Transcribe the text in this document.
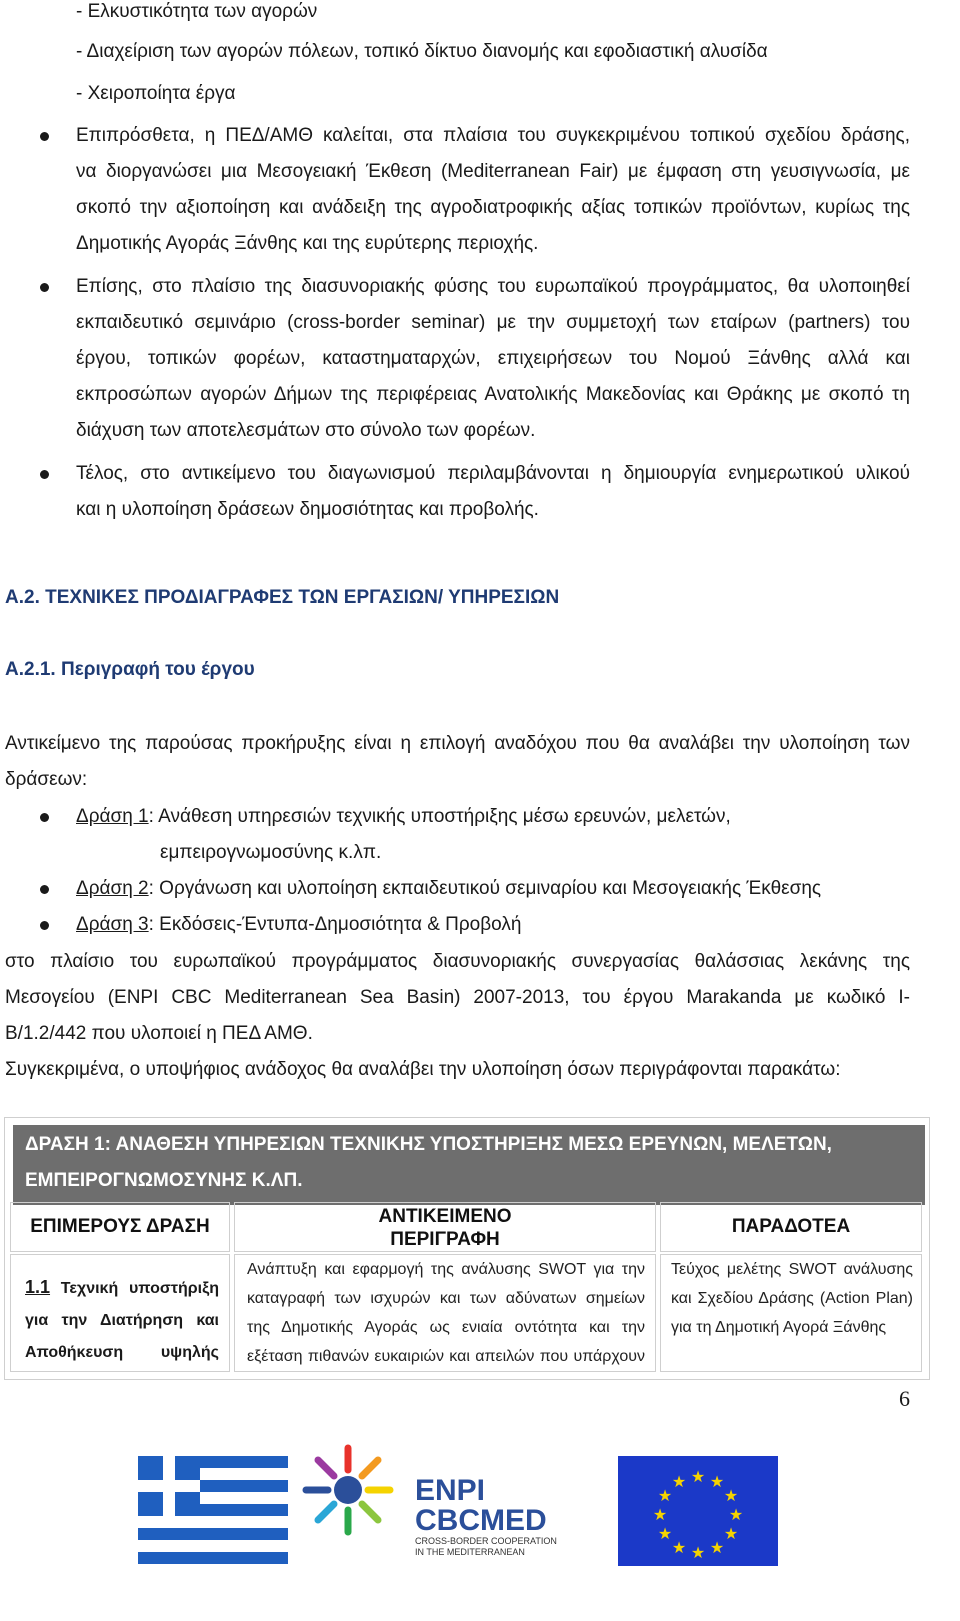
- Ελκυστικότητα των αγορών
- Διαχείριση των αγορών πόλεων, τοπικό δίκτυο διανομής και εφοδιαστική αλυσίδα
- Χειροποίητα έργα
Επιπρόσθετα, η ΠΕΔ/ΑΜΘ καλείται, στα πλαίσια του συγκεκριμένου τοπικού σχεδίου δράσης,
να διοργανώσει μια Μεσογειακή Έκθεση (Mediterranean Fair) με έμφαση στη γευσιγνωσία, με
σκοπό την αξιοποίηση και ανάδειξη της αγροδιατροφικής αξίας τοπικών προϊόντων, κυρίως της
Δημοτικής Αγοράς Ξάνθης και της ευρύτερης περιοχής.
Επίσης, στο πλαίσιο της διασυνοριακής φύσης του ευρωπαϊκού προγράμματος, θα υλοποιηθεί
εκπαιδευτικό σεμινάριο (cross-border seminar) με την συμμετοχή των εταίρων (partners) του
έργου, τοπικών φορέων, καταστηματαρχών, επιχειρήσεων του Νομού Ξάνθης αλλά και
εκπροσώπων αγορών Δήμων της περιφέρειας Ανατολικής Μακεδονίας και Θράκης με σκοπό τη
διάχυση των αποτελεσμάτων στο σύνολο των φορέων.
Τέλος, στο αντικείμενο του διαγωνισμού περιλαμβάνονται η δημιουργία ενημερωτικού υλικού
και η υλοποίηση δράσεων δημοσιότητας και προβολής.
Α.2. ΤΕΧΝΙΚΕΣ ΠΡΟΔΙΑΓΡΑΦΕΣ ΤΩΝ ΕΡΓΑΣΙΩΝ/ ΥΠΗΡΕΣΙΩΝ
Α.2.1. Περιγραφή του έργου
Αντικείμενο της παρούσας προκήρυξης είναι η επιλογή αναδόχου που θα αναλάβει την υλοποίηση των
δράσεων:
Δράση 1: Ανάθεση υπηρεσιών τεχνικής υποστήριξης μέσω ερευνών, μελετών,
εμπειρογνωμοσύνης κ.λπ.
Δράση 2: Οργάνωση και υλοποίηση εκπαιδευτικού σεμιναρίου και Μεσογειακής Έκθεσης
Δράση 3: Εκδόσεις-Έντυπα-Δημοσιότητα & Προβολή
στο πλαίσιο του ευρωπαϊκού προγράμματος διασυνοριακής συνεργασίας θαλάσσιας λεκάνης της
Μεσογείου (ENPI CBC Mediterranean Sea Basin) 2007-2013, του έργου Marakanda με κωδικό I-
B/1.2/442 που υλοποιεί η ΠΕΔ ΑΜΘ.
Συγκεκριμένα, ο υποψήφιος ανάδοχος θα αναλάβει την υλοποίηση όσων περιγράφονται παρακάτω:
ΔΡΑΣΗ 1: ΑΝΑΘΕΣΗ ΥΠΗΡΕΣΙΩΝ ΤΕΧΝΙΚΗΣ ΥΠΟΣΤΗΡΙΞΗΣ ΜΕΣΩ ΕΡΕΥΝΩΝ, ΜΕΛΕΤΩΝ,
ΕΜΠΕΙΡΟΓΝΩΜΟΣΥΝΗΣ Κ.ΛΠ.
ΕΠΙΜΕΡΟΥΣ ΔΡΑΣΗ	ΑΝΤΙΚΕΙΜΕΝΟ
ΠΕΡΙΓΡΑΦΗ
ΠΑΡΑΔΟΤΕΑ
1.1 Τεχνική υποστήριξη
για την Διατήρηση και
Αποθήκευση υψηλής
Ανάπτυξη και εφαρμογή της ανάλυσης SWOT για την
καταγραφή των ισχυρών και των αδύνατων σημείων
της Δημοτικής Αγοράς ως ενιαία οντότητα και την
εξέταση πιθανών ευκαιριών και απειλών που υπάρχουν
Τεύχος μελέτης SWOT ανάλυσης
και Σχεδίου Δράσης (Action Plan)
για τη Δημοτική Αγορά Ξάνθης
6
ENPI
CBCMED
CROSS-BORDER COOPERATION
IN THE MEDITERRANEAN
★ ★
★
★
★
★
★
★
★
★
★
★
